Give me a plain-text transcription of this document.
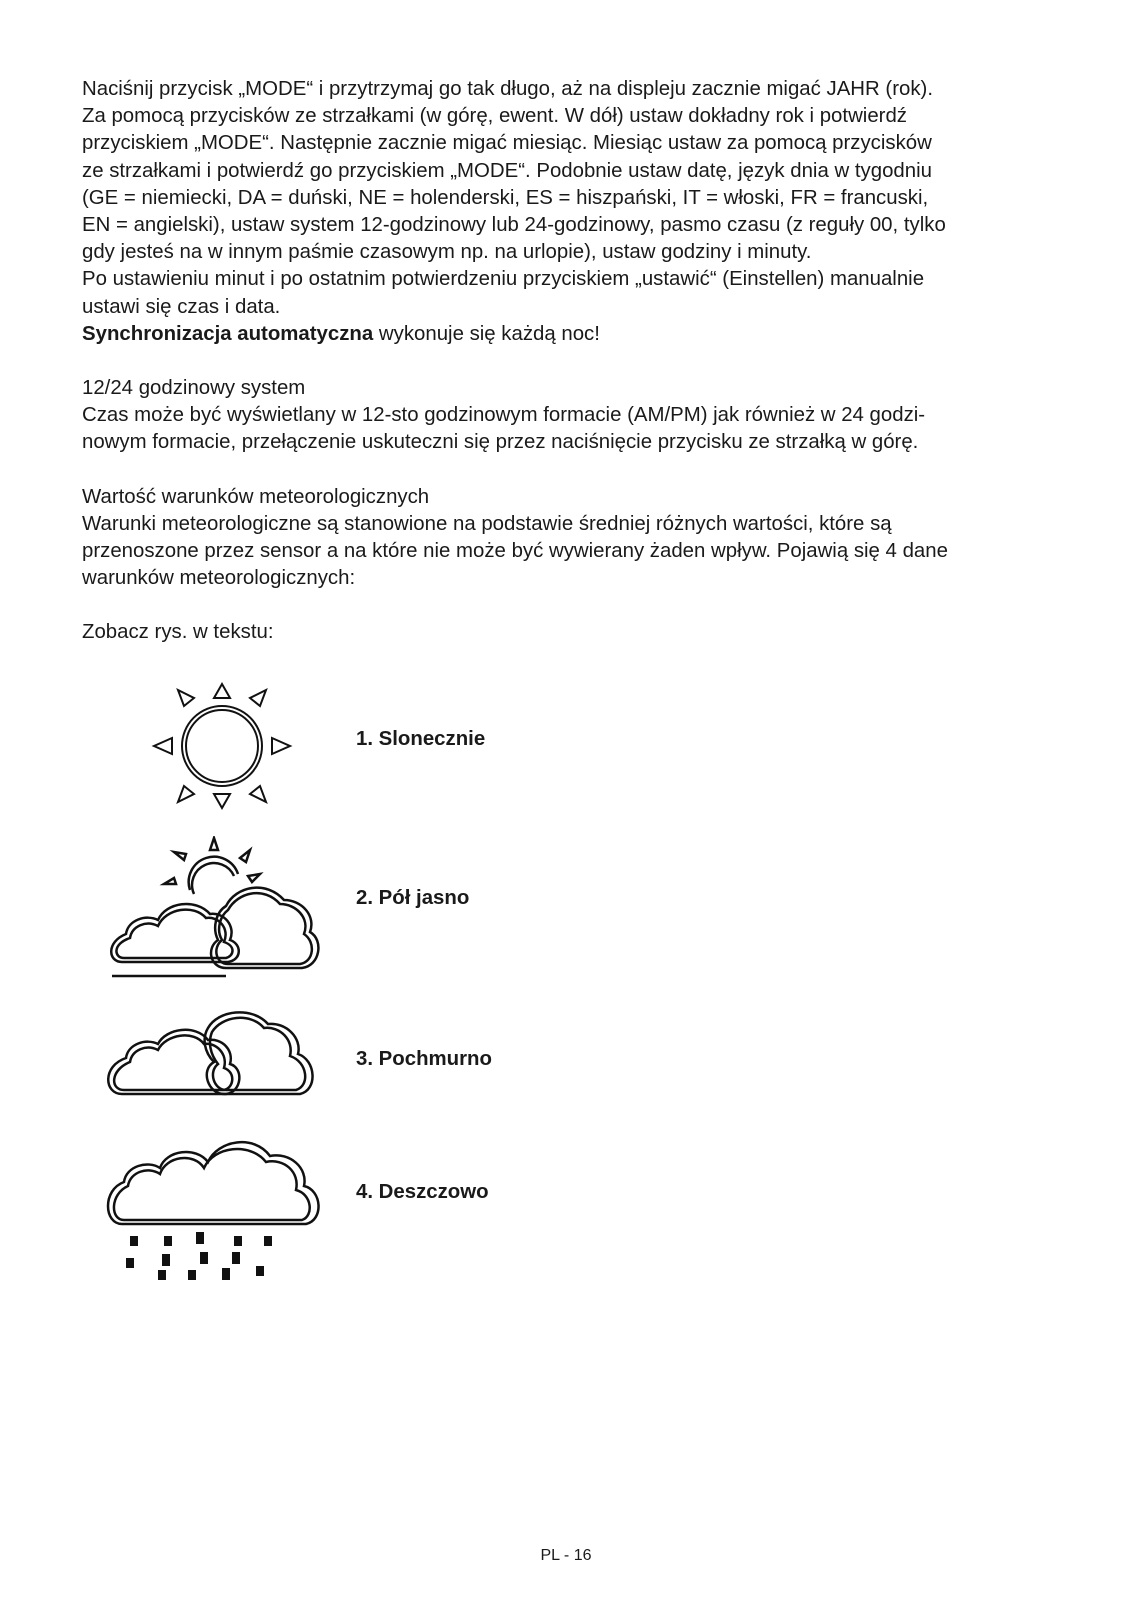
Naciśnij przycisk „MODE“ i przytrzymaj go tak długo, aż na displeju zacznie migać JAHR (rok).
Za pomocą przycisków ze strzałkami (w górę, ewent. W dół) ustaw dokładny rok i potwierdź
przyciskiem „MODE“. Następnie zacznie migać miesiąc. Miesiąc ustaw za pomocą przycisków
ze strzałkami i potwierdź go przyciskiem „MODE“. Podobnie ustaw datę, język dnia w tygodniu
(GE = niemiecki, DA = duński, NE = holenderski, ES = hiszpański, IT = włoski, FR = francuski,
EN = angielski), ustaw system 12-godzinowy lub 24-godzinowy, pasmo czasu (z reguły 00, tylko
gdy jesteś na w innym paśmie czasowym np. na urlopie), ustaw godziny i minuty.
Po ustawieniu minut i po ostatnim potwierdzeniu przyciskiem „ustawić“ (Einstellen) manualnie
ustawi się czas i data.

Synchronizacja automatyczna wykonuje się każdą noc!

12/24 godzinowy system

Czas może być wyświetlany w 12-sto godzinowym formacie (AM/PM) jak również w 24 godzi-
nowym formacie, przełączenie uskuteczni się przez naciśnięcie przycisku ze strzałką w górę.

Wartość warunków meteorologicznych

Warunki meteorologiczne są stanowione na podstawie średniej różnych wartości, które są
przenoszone przez sensor a na które nie może być wywierany żaden wpływ. Pojawią się 4 dane
warunków meteorologicznych:

Zobacz rys. w tekstu:

1. Slonecznie
2. Pół jasno
3. Pochmurno
4. Deszczowo
PL - 16
